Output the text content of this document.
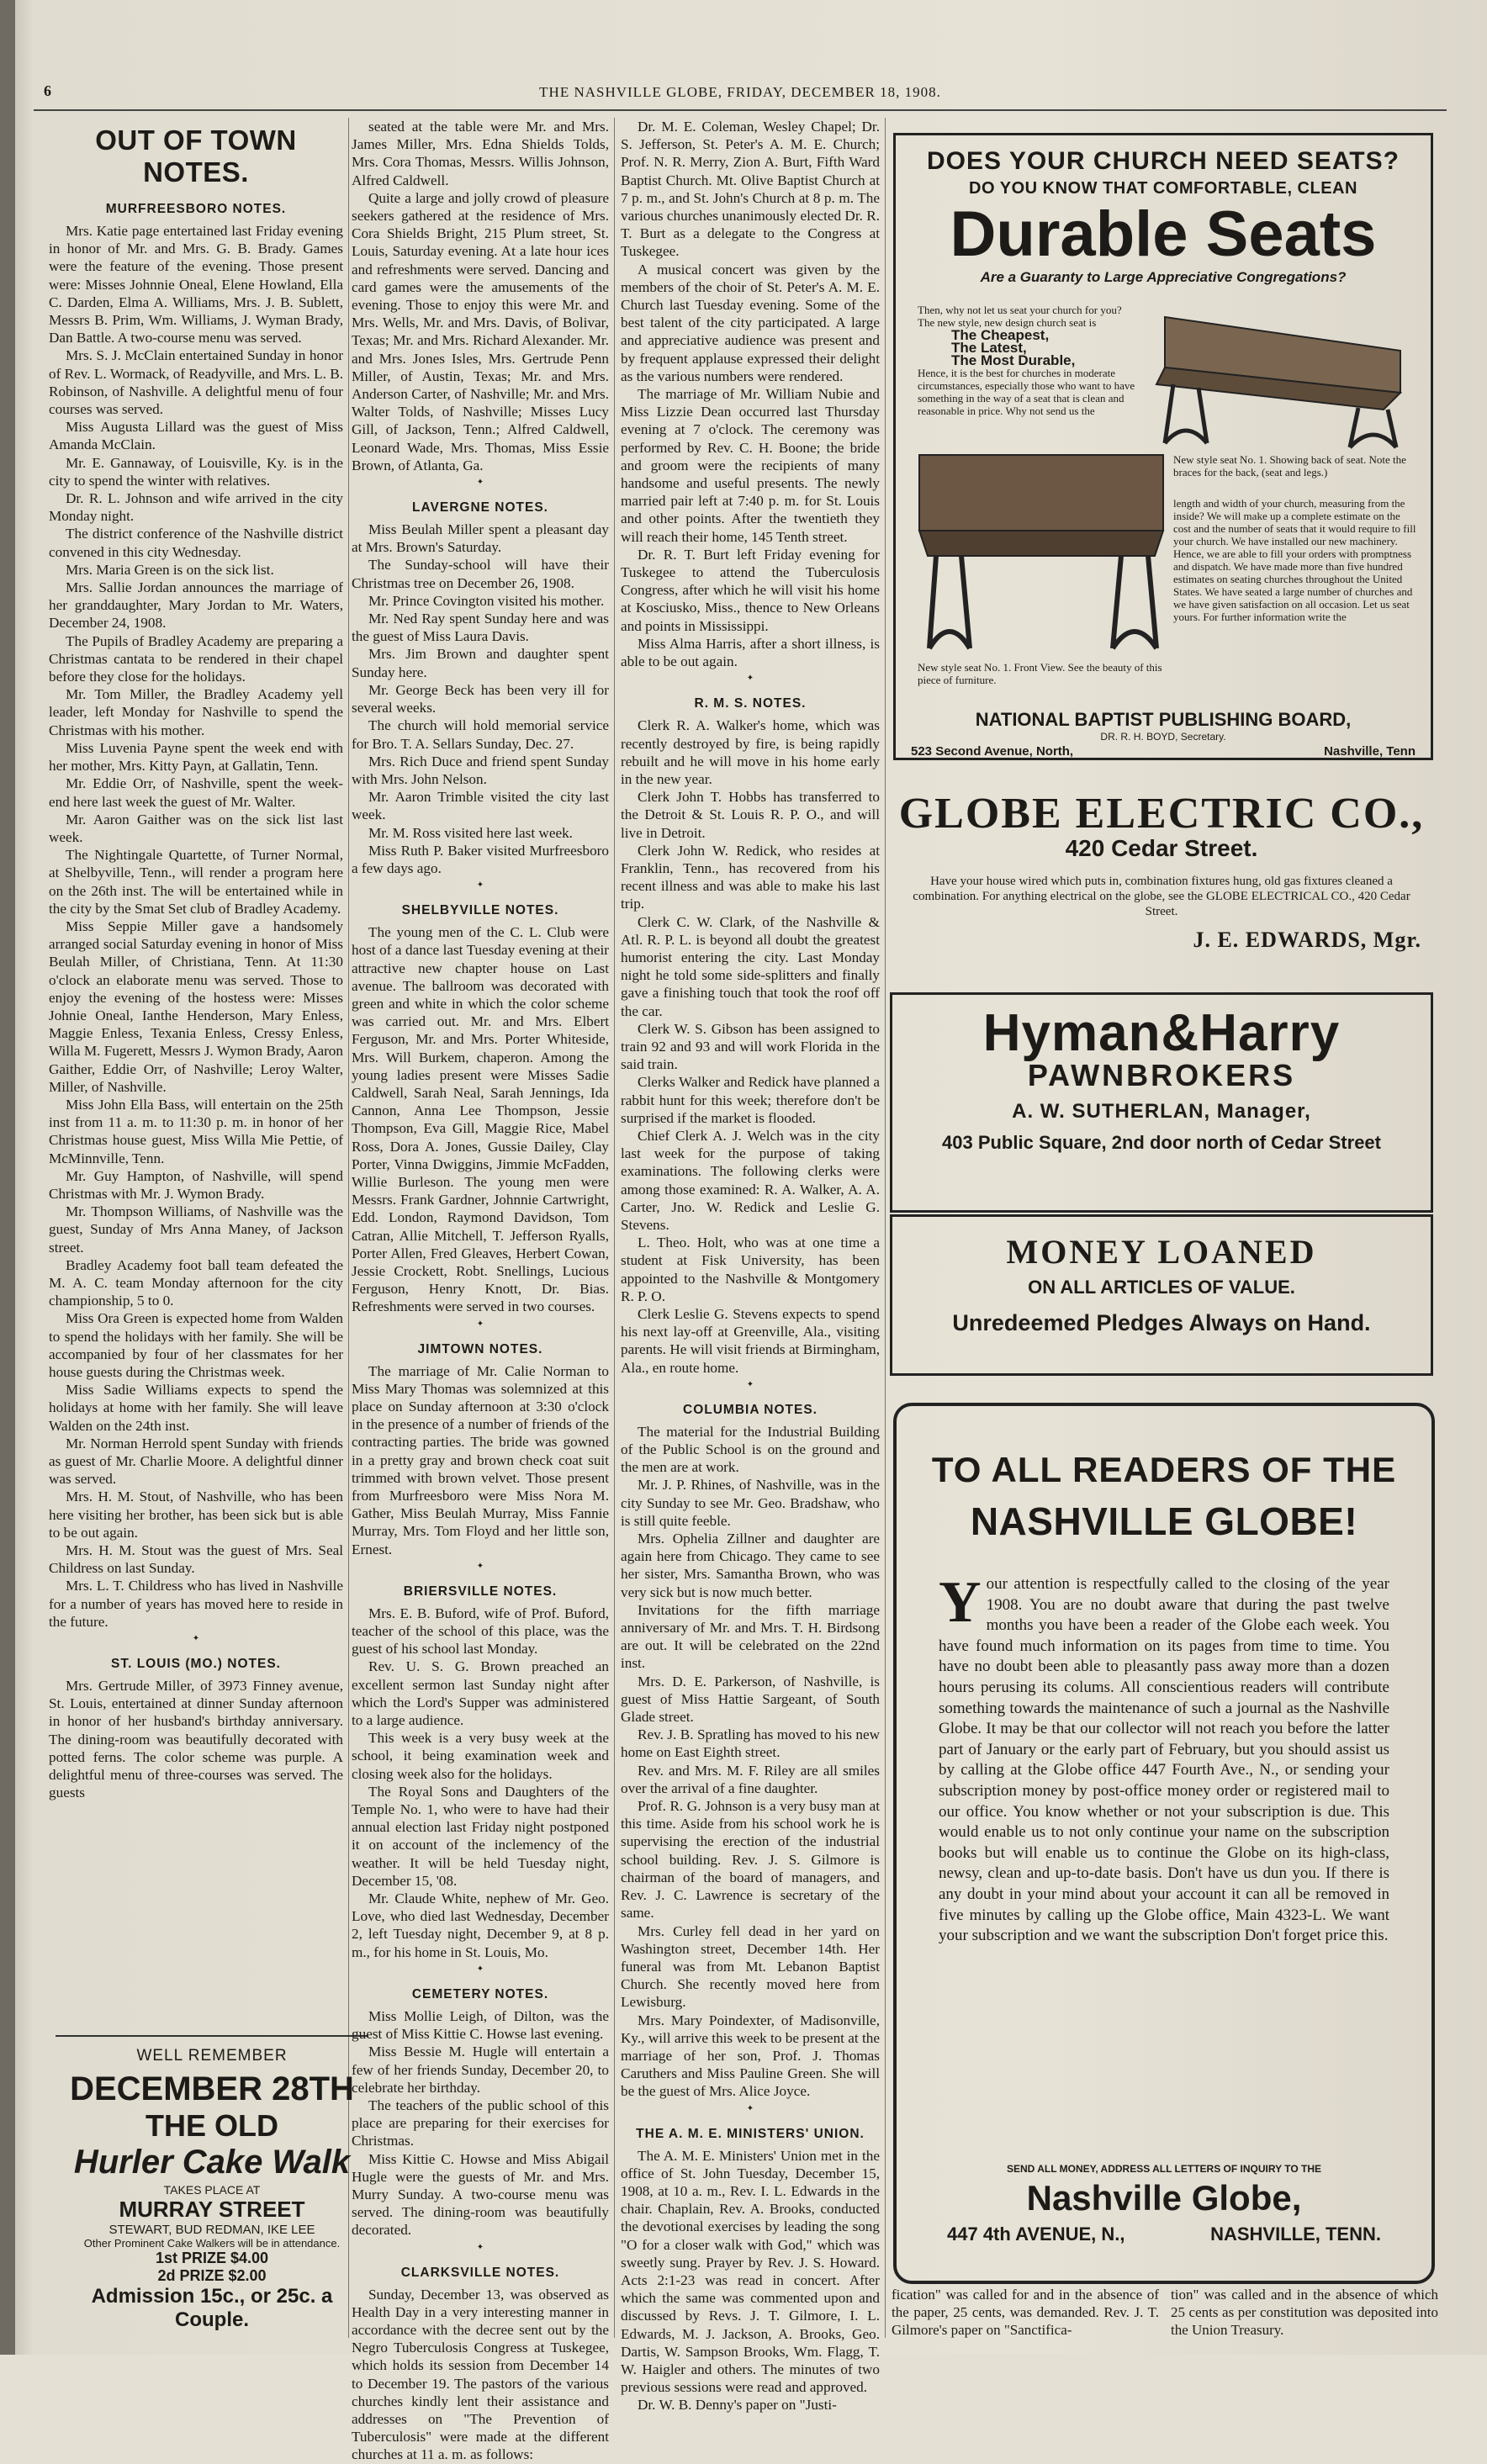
6	THE NASHVILLE GLOBE, FRIDAY, DECEMBER 18, 1908.
OUT OF TOWN NOTES.
MURFREESBORO NOTES.

Mrs. Katie page entertained last Friday evening in honor of Mr. and Mrs. G. B. Brady. Games were the feature of the evening. Those present were: Misses Johnnie Oneal, Elene Howland, Ella C. Darden, Elma A. Williams, Mrs. J. B. Sublett, Messrs B. Prim, Wm. Williams, J. Wyman Brady, Dan Battle. A two-course menu was served.

Mrs. S. J. McClain entertained Sunday in honor of Rev. L. Wormack, of Readyville, and Mrs. L. B. Robinson, of Nashville. A delightful menu of four courses was served.

Miss Augusta Lillard was the guest of Miss Amanda McClain.

Mr. E. Gannaway, of Louisville, Ky. is in the city to spend the winter with relatives.

Dr. R. L. Johnson and wife arrived in the city Monday night.

The district conference of the Nashville district convened in this city Wednesday.

Mrs. Maria Green is on the sick list.

Mrs. Sallie Jordan announces the marriage of her granddaughter, Mary Jordan to Mr. Waters, December 24, 1908.

The Pupils of Bradley Academy are preparing a Christmas cantata to be rendered in their chapel before they close for the holidays.

Mr. Tom Miller, the Bradley Academy yell leader, left Monday for Nashville to spend the Christmas with his mother.

Miss Luvenia Payne spent the week end with her mother, Mrs. Kitty Payn, at Gallatin, Tenn.

Mr. Eddie Orr, of Nashville, spent the week-end here last week the guest of Mr. Walter.

Mr. Aaron Gaither was on the sick list last week.

The Nightingale Quartette, of Turner Normal, at Shelbyville, Tenn., will render a program here on the 26th inst. The will be entertained while in the city by the Smat Set club of Bradley Academy.

Miss Seppie Miller gave a handsomely arranged social Saturday evening in honor of Miss Beulah Miller, of Christiana, Tenn. At 11:30 o'clock an elaborate menu was served. Those to enjoy the evening of the hostess were: Misses Johnie Oneal, Ianthe Henderson, Mary Enless, Maggie Enless, Texania Enless, Cressy Enless, Willa M. Fugerett, Messrs J. Wymon Brady, Aaron Gaither, Eddie Orr, of Nashville; Leroy Walter, Miller, of Nashville.

Miss John Ella Bass, will entertain on the 25th inst from 11 a. m. to 11:30 p. m. in honor of her Christmas house guest, Miss Willa Mie Pettie, of McMinnville, Tenn.

Mr. Guy Hampton, of Nashville, will spend Christmas with Mr. J. Wymon Brady.

Mr. Thompson Williams, of Nashville was the guest, Sunday of Mrs Anna Maney, of Jackson street.

Bradley Academy foot ball team defeated the M. A. C. team Monday afternoon for the city championship, 5 to 0.

Miss Ora Green is expected home from Walden to spend the holidays with her family. She will be accompanied by four of her classmates for her house guests during the Christmas week.

Miss Sadie Williams expects to spend the holidays at home with her family. She will leave Walden on the 24th inst.

Mr. Norman Herrold spent Sunday with friends as guest of Mr. Charlie Moore. A delightful dinner was served.

Mrs. H. M. Stout, of Nashville, who has been here visiting her brother, has been sick but is able to be out again.

Mrs. H. M. Stout was the guest of Mrs. Seal Childress on last Sunday.

Mrs. L. T. Childress who has lived in Nashville for a number of years has moved here to reside in the future.

✦
ST. LOUIS (MO.) NOTES.

Mrs. Gertrude Miller, of 3973 Finney avenue, St. Louis, entertained at dinner Sunday afternoon in honor of her husband's birthday anniversary. The dining-room was beautifully decorated with potted ferns. The color scheme was purple. A delightful menu of three-courses was served. The guests

WELL REMEMBER
DECEMBER 28TH
THE OLD
Hurler Cake Walk
TAKES PLACE AT
MURRAY STREET
STEWART, BUD REDMAN, IKE LEE
Other Prominent Cake Walkers will be in attendance.
1st PRIZE $4.00
2d PRIZE $2.00
Admission 15c., or 25c. a Couple.

seated at the table were Mr. and Mrs. James Miller, Mrs. Edna Shields Tolds, Mrs. Cora Thomas, Messrs. Willis Johnson, Alfred Caldwell.

Quite a large and jolly crowd of pleasure seekers gathered at the residence of Mrs. Cora Shields Bright, 215 Plum street, St. Louis, Saturday evening. At a late hour ices and refreshments were served. Dancing and card games were the amusements of the evening. Those to enjoy this were Mr. and Mrs. Wells, Mr. and Mrs. Davis, of Bolivar, Texas; Mr. and Mrs. Richard Alexander. Mr. and Mrs. Jones Isles, Mrs. Gertrude Penn Miller, of Austin, Texas; Mr. and Mrs. Anderson Carter, of Nashville; Mr. and Mrs. Walter Tolds, of Nashville; Misses Lucy Gill, of Jackson, Tenn.; Alfred Caldwell, Leonard Wade, Mrs. Thomas, Miss Essie Brown, of Atlanta, Ga.

✦
LAVERGNE NOTES.

Miss Beulah Miller spent a pleasant day at Mrs. Brown's Saturday.

The Sunday-school will have their Christmas tree on December 26, 1908.

Mr. Prince Covington visited his mother.

Mr. Ned Ray spent Sunday here and was the guest of Miss Laura Davis.

Mrs. Jim Brown and daughter spent Sunday here.

Mr. George Beck has been very ill for several weeks.

The church will hold memorial service for Bro. T. A. Sellars Sunday, Dec. 27.

Mrs. Rich Duce and friend spent Sunday with Mrs. John Nelson.

Mr. Aaron Trimble visited the city last week.

Mr. M. Ross visited here last week.

Miss Ruth P. Baker visited Murfreesboro a few days ago.

✦
SHELBYVILLE NOTES.

The young men of the C. L. Club were host of a dance last Tuesday evening at their attractive new chapter house on Last avenue. The ballroom was decorated with green and white in which the color scheme was carried out. Mr. and Mrs. Elbert Ferguson, Mr. and Mrs. Porter Whiteside, Mrs. Will Burkem, chaperon. Among the young ladies present were Misses Sadie Caldwell, Sarah Neal, Sarah Jennings, Ida Cannon, Anna Lee Thompson, Jessie Thompson, Eva Gill, Maggie Rice, Mabel Ross, Dora A. Jones, Gussie Dailey, Clay Porter, Vinna Dwiggins, Jimmie McFadden, Willie Burleson. The young men were Messrs. Frank Gardner, Johnnie Cartwright, Edd. London, Raymond Davidson, Tom Catran, Allie Mitchell, T. Jefferson Ryalls, Porter Allen, Fred Gleaves, Herbert Cowan, Jessie Crockett, Robt. Snellings, Lucious Ferguson, Henry Knott, Dr. Bias. Refreshments were served in two courses.

✦
JIMTOWN NOTES.

The marriage of Mr. Calie Norman to Miss Mary Thomas was solemnized at this place on Sunday afternoon at 3:30 o'clock in the presence of a number of friends of the contracting parties. The bride was gowned in a pretty gray and brown check coat suit trimmed with brown velvet. Those present from Murfreesboro were Miss Nora M. Gather, Miss Beulah Murray, Miss Fannie Murray, Mrs. Tom Floyd and her little son, Ernest.

✦
BRIERSVILLE NOTES.

Mrs. E. B. Buford, wife of Prof. Buford, teacher of the school of this place, was the guest of his school last Monday.

Rev. U. S. G. Brown preached an excellent sermon last Sunday night after which the Lord's Supper was administered to a large audience.

This week is a very busy week at the school, it being examination week and closing week also for the holidays.

The Royal Sons and Daughters of the Temple No. 1, who were to have had their annual election last Friday night postponed it on account of the inclemency of the weather. It will be held Tuesday night, December 15, '08.

Mr. Claude White, nephew of Mr. Geo. Love, who died last Wednesday, December 2, left Tuesday night, December 9, at 8 p. m., for his home in St. Louis, Mo.

✦
CEMETERY NOTES.

Miss Mollie Leigh, of Dilton, was the guest of Miss Kittie C. Howse last evening.

Miss Bessie M. Hugle will entertain a few of her friends Sunday, December 20, to celebrate her birthday.

The teachers of the public school of this place are preparing for their exercises for Christmas.

Miss Kittie C. Howse and Miss Abigail Hugle were the guests of Mr. and Mrs. Murry Sunday. A two-course menu was served. The dining-room was beautifully decorated.

✦
CLARKSVILLE NOTES.

Sunday, December 13, was observed as Health Day in a very interesting manner in accordance with the decree sent out by the Negro Tuberculosis Congress at Tuskegee, which holds its session from December 14 to December 19. The pastors of the various churches kindly lent their assistance and addresses on "The Prevention of Tuberculosis" were made at the different churches at 11 a. m. as follows:

Dr. M. E. Coleman, Wesley Chapel; Dr. S. Jefferson, St. Peter's A. M. E. Church; Prof. N. R. Merry, Zion A. Burt, Fifth Ward Baptist Church. Mt. Olive Baptist Church at 7 p. m., and St. John's Church at 8 p. m. The various churches unanimously elected Dr. R. T. Burt as a delegate to the Congress at Tuskegee.

A musical concert was given by the members of the choir of St. Peter's A. M. E. Church last Tuesday evening. Some of the best talent of the city participated. A large and appreciative audience was present and by frequent applause expressed their delight as the various numbers were rendered.

The marriage of Mr. William Nubie and Miss Lizzie Dean occurred last Thursday evening at 7 o'clock. The ceremony was performed by Rev. C. H. Boone; the bride and groom were the recipients of many handsome and useful presents. The newly married pair left at 7:40 p. m. for St. Louis and other points. After the twentieth they will reach their home, 145 Tenth street.

Dr. R. T. Burt left Friday evening for Tuskegee to attend the Tuberculosis Congress, after which he will visit his home at Kosciusko, Miss., thence to New Orleans and points in Mississippi.

Miss Alma Harris, after a short illness, is able to be out again.

✦
R. M. S. NOTES.

Clerk R. A. Walker's home, which was recently destroyed by fire, is being rapidly rebuilt and he will move in his home early in the new year.

Clerk John T. Hobbs has transferred to the Detroit & St. Louis R. P. O., and will live in Detroit.

Clerk John W. Redick, who resides at Franklin, Tenn., has recovered from his recent illness and was able to make his last trip.

Clerk C. W. Clark, of the Nashville & Atl. R. P. L. is beyond all doubt the greatest humorist entering the city. Last Monday night he told some side-splitters and finally gave a finishing touch that took the roof off the car.

Clerk W. S. Gibson has been assigned to train 92 and 93 and will work Florida in the said train.

Clerks Walker and Redick have planned a rabbit hunt for this week; therefore don't be surprised if the market is flooded.

Chief Clerk A. J. Welch was in the city last week for the purpose of taking examinations. The following clerks were among those examined: R. A. Walker, A. A. Carter, Jno. W. Redick and Leslie G. Stevens.

L. Theo. Holt, who was at one time a student at Fisk University, has been appointed to the Nashville & Montgomery R. P. O.

Clerk Leslie G. Stevens expects to spend his next lay-off at Greenville, Ala., visiting parents. He will visit friends at Birmingham, Ala., en route home.

✦
COLUMBIA NOTES.

The material for the Industrial Building of the Public School is on the ground and the men are at work.

Mr. J. P. Rhines, of Nashville, was in the city Sunday to see Mr. Geo. Bradshaw, who is still quite feeble.

Mrs. Ophelia Zillner and daughter are again here from Chicago. They came to see her sister, Mrs. Samantha Brown, who was very sick but is now much better.

Invitations for the fifth marriage anniversary of Mr. and Mrs. T. H. Birdsong are out. It will be celebrated on the 22nd inst.

Mrs. D. E. Parkerson, of Nashville, is guest of Miss Hattie Sargeant, of South Glade street.

Rev. J. B. Spratling has moved to his new home on East Eighth street.

Rev. and Mrs. M. F. Riley are all smiles over the arrival of a fine daughter.

Prof. R. G. Johnson is a very busy man at this time. Aside from his school work he is supervising the erection of the industrial school building. Rev. J. S. Gilmore is chairman of the board of managers, and Rev. J. C. Lawrence is secretary of the same.

Mrs. Curley fell dead in her yard on Washington street, December 14th. Her funeral was from Mt. Lebanon Baptist Church. She recently moved here from Lewisburg.

Mrs. Mary Poindexter, of Madisonville, Ky., will arrive this week to be present at the marriage of her son, Prof. J. Thomas Caruthers and Miss Pauline Green. She will be the guest of Mrs. Alice Joyce.

✦
THE A. M. E. MINISTERS' UNION.

The A. M. E. Ministers' Union met in the office of St. John Tuesday, December 15, 1908, at 10 a. m., Rev. I. L. Edwards in the chair. Chaplain, Rev. A. Brooks, conducted the devotional exercises by leading the song "O for a closer walk with God," which was sweetly sung. Prayer by Rev. J. S. Howard. Acts 2:1-23 was read in concert. After which the same was commented upon and discussed by Revs. J. T. Gilmore, I. L. Edwards, M. J. Jackson, A. Brooks, Geo. Dartis, W. Sampson Brooks, Wm. Flagg, T. W. Haigler and others. The minutes of two previous sessions were read and approved.

Dr. W. B. Denny's paper on "Justi-

DOES YOUR CHURCH NEED SEATS?
DO YOU KNOW THAT COMFORTABLE, CLEAN
Durable Seats
Are a Guaranty to Large Appreciative Congregations?
Then, why not let us seat your church for you? The new style, new design church seat is
The Cheapest,
The Latest,
The Most Durable,
Hence, it is the best for churches in moderate circumstances, especially those who want to have something in the way of a seat that is clean and reasonable in price. Why not send us the
New style seat No. 1. Showing back of seat. Note the braces for the back, (seat and legs.)
length and width of your church, measuring from the inside? We will make up a complete estimate on the cost and the number of seats that it would require to fill your church. We have installed our new machinery. Hence, we are able to fill your orders with promptness and dispatch. We have made more than five hundred estimates on seating churches throughout the United States. We have seated a large number of churches and we have given satisfaction on all occasion. Let us seat yours. For further information write the
New style seat No. 1. Front View. See the beauty of this piece of furniture.
NATIONAL BAPTIST PUBLISHING BOARD,
DR. R. H. BOYD, Secretary.
523 Second Avenue, North,	Nashville, Tenn
GLOBE ELECTRIC CO.,
420 Cedar Street.
Have your house wired which puts in, combination fixtures hung, old gas fixtures cleaned a combination. For anything electrical on the globe, see the GLOBE ELECTRICAL CO., 420 Cedar Street.
J. E. EDWARDS, Mgr.
Hyman&Harry
PAWNBROKERS
A. W. SUTHERLAN, Manager,
403 Public Square, 2nd door north of Cedar Street
MONEY LOANED
ON ALL ARTICLES OF VALUE.
Unredeemed Pledges Always on Hand.
TO ALL READERS OF THE
NASHVILLE GLOBE!
Your attention is respectfully called to the closing of the year 1908. You are no doubt aware that during the past twelve months you have been a reader of the Globe each week. You have found much information on its pages from time to time. You have no doubt been able to pleasantly pass away more than a dozen hours perusing its colums. All conscientious readers will contribute something towards the maintenance of such a journal as the Nashville Globe. It may be that our collector will not reach you before the latter part of January or the early part of February, but you should assist us by calling at the Globe office 447 Fourth Ave., N., or sending your subscription money by post-office money order or registered mail to our office. You know whether or not your subscription is due. This would enable us to not only continue your name on the subscription books but will enable us to continue the Globe on its high-class, newsy, clean and up-to-date basis. Don't have us dun you. If there is any doubt in your mind about your account it can all be removed in five minutes by calling up the Globe office, Main 4323-L. We want your subscription and we want the subscription Don't forget price this.
SEND ALL MONEY, ADDRESS ALL LETTERS OF INQUIRY TO THE
Nashville Globe,
447 4th AVENUE, N.,	NASHVILLE, TENN.
fication" was called for and in the absence of the paper, 25 cents, was demanded. Rev. J. T. Gilmore's paper on "Sanctifica-
tion" was called and in the absence of which 25 cents as per constitution was deposited into the Union Treasury.
